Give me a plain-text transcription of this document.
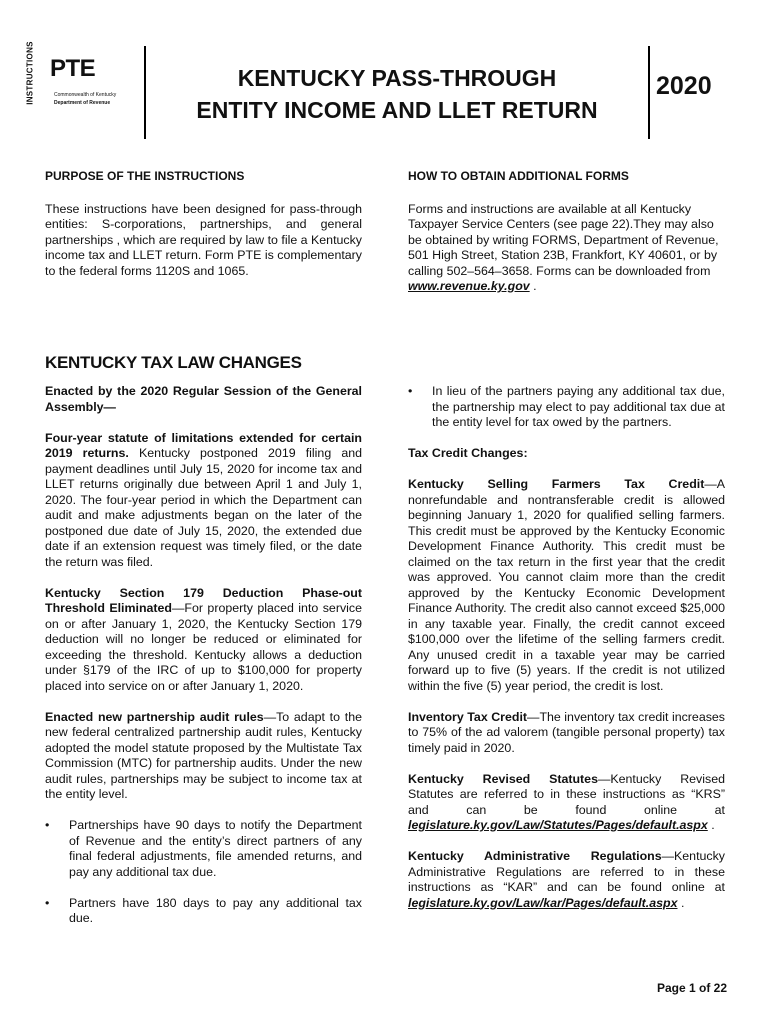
INSTRUCTIONS PTE
Commonwealth of Kentucky
Department of Revenue
KENTUCKY PASS-THROUGH
ENTITY INCOME AND LLET RETURN
2020

PURPOSE OF THE INSTRUCTIONS

These instructions have been designed for pass-through entities: S-corporations, partnerships, and general partnerships , which are required by law to file a Kentucky income tax and LLET return. Form PTE is complementary to the federal forms 1120S and 1065.

HOW TO OBTAIN ADDITIONAL FORMS

Forms and instructions are available at all Kentucky Taxpayer Service Centers (see page 22).They may also be obtained by writing FORMS, Department of Revenue, 501 High Street, Station 23B, Frankfort, KY 40601, or by calling 502–564–3658. Forms can be downloaded from www.revenue.ky.gov .

KENTUCKY TAX LAW CHANGES

Enacted by the 2020 Regular Session of the General Assembly—

Four-year statute of limitations extended for certain 2019 returns. Kentucky postponed 2019 filing and payment deadlines until July 15, 2020 for income tax and LLET returns originally due between April 1 and July 1, 2020. The four-year period in which the Department can audit and make adjustments began on the later of the postponed due date of July 15, 2020, the extended due date if an extension request was timely filed, or the date the return was filed.

Kentucky Section 179 Deduction Phase-out Threshold Eliminated—For property placed into service on or after January 1, 2020, the Kentucky Section 179 deduction will no longer be reduced or eliminated for exceeding the threshold. Kentucky allows a deduction under §179 of the IRC of up to $100,000 for property placed into service on or after January 1, 2020.

Enacted new partnership audit rules—To adapt to the new federal centralized partnership audit rules, Kentucky adopted the model statute proposed by the Multistate Tax Commission (MTC) for partnership audits. Under the new audit rules, partnerships may be subject to income tax at the entity level.

• Partnerships have 90 days to notify the Department of Revenue and the entity’s direct partners of any final federal adjustments, file amended returns, and pay any additional tax due.
• Partners have 180 days to pay any additional tax due.
• In lieu of the partners paying any additional tax due, the partnership may elect to pay additional tax due at the entity level for tax owed by the partners.

Tax Credit Changes:

Kentucky Selling Farmers Tax Credit—A nonrefundable and nontransferable credit is allowed beginning January 1, 2020 for qualified selling farmers. This credit must be approved by the Kentucky Economic Development Finance Authority. This credit must be claimed on the tax return in the first year that the credit was approved. You cannot claim more than the credit approved by the Kentucky Economic Development Finance Authority. The credit also cannot exceed $25,000 in any taxable year. Finally, the credit cannot exceed $100,000 over the lifetime of the selling farmers credit. Any unused credit in a taxable year may be carried forward up to five (5) years. If the credit is not utilized within the five (5) year period, the credit is lost.

Inventory Tax Credit—The inventory tax credit increases to 75% of the ad valorem (tangible personal property) tax timely paid in 2020.

Kentucky Revised Statutes—Kentucky Revised Statutes are referred to in these instructions as “KRS” and can be found online at legislature.ky.gov/Law/Statutes/Pages/default.aspx .

Kentucky Administrative Regulations—Kentucky Administrative Regulations are referred to in these instructions as “KAR” and can be found online at legislature.ky.gov/Law/kar/Pages/default.aspx .

Page 1 of 22
